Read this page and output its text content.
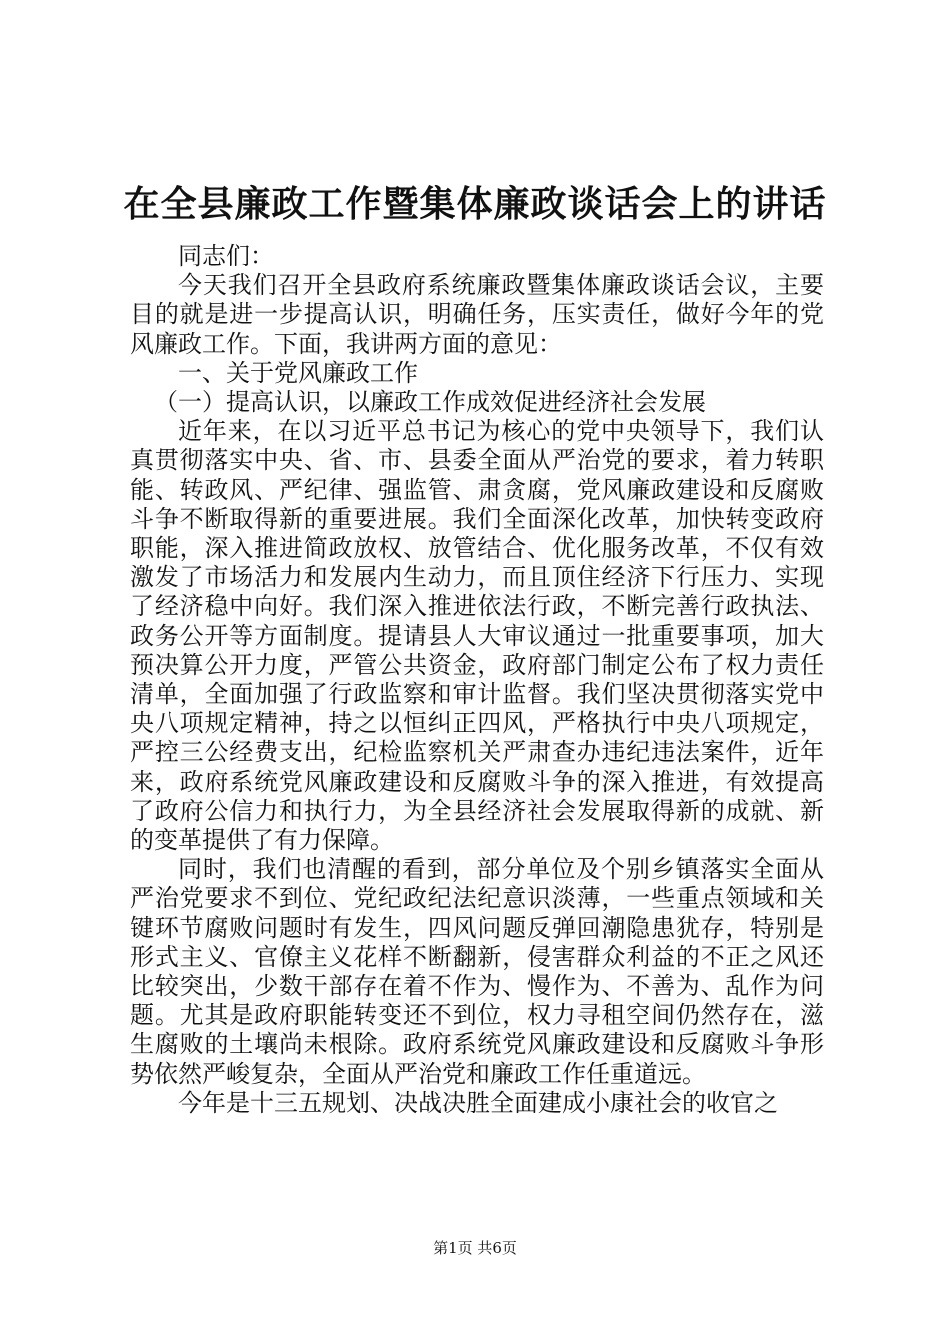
在全县廉政工作暨集体廉政谈话会上的讲话

同志们：

今天我们召开全县政府系统廉政暨集体廉政谈话会议，主要目的就是进一步提高认识，明确任务，压实责任，做好今年的党风廉政工作。下面，我讲两方面的意见：

一、关于党风廉政工作

（一）提高认识，以廉政工作成效促进经济社会发展

近年来，在以习近平总书记为核心的党中央领导下，我们认真贯彻落实中央、省、市、县委全面从严治党的要求，着力转职能、转政风、严纪律、强监管、肃贪腐，党风廉政建设和反腐败斗争不断取得新的重要进展。我们全面深化改革，加快转变政府职能，深入推进简政放权、放管结合、优化服务改革，不仅有效激发了市场活力和发展内生动力，而且顶住经济下行压力、实现了经济稳中向好。我们深入推进依法行政，不断完善行政执法、政务公开等方面制度。提请县人大审议通过一批重要事项，加大预决算公开力度，严管公共资金，政府部门制定公布了权力责任清单，全面加强了行政监察和审计监督。我们坚决贯彻落实党中央八项规定精神，持之以恒纠正四风，严格执行中央八项规定，严控三公经费支出，纪检监察机关严肃查办违纪违法案件，近年来，政府系统党风廉政建设和反腐败斗争的深入推进，有效提高了政府公信力和执行力，为全县经济社会发展取得新的成就、新的变革提供了有力保障。

同时，我们也清醒的看到，部分单位及个别乡镇落实全面从严治党要求不到位、党纪政纪法纪意识淡薄，一些重点领域和关键环节腐败问题时有发生，四风问题反弹回潮隐患犹存，特别是形式主义、官僚主义花样不断翻新，侵害群众利益的不正之风还比较突出，少数干部存在着不作为、慢作为、不善为、乱作为问题。尤其是政府职能转变还不到位，权力寻租空间仍然存在，滋生腐败的土壤尚未根除。政府系统党风廉政建设和反腐败斗争形势依然严峻复杂，全面从严治党和廉政工作任重道远。

今年是十三五规划、决战决胜全面建成小康社会的收官之

第1页 共6页
